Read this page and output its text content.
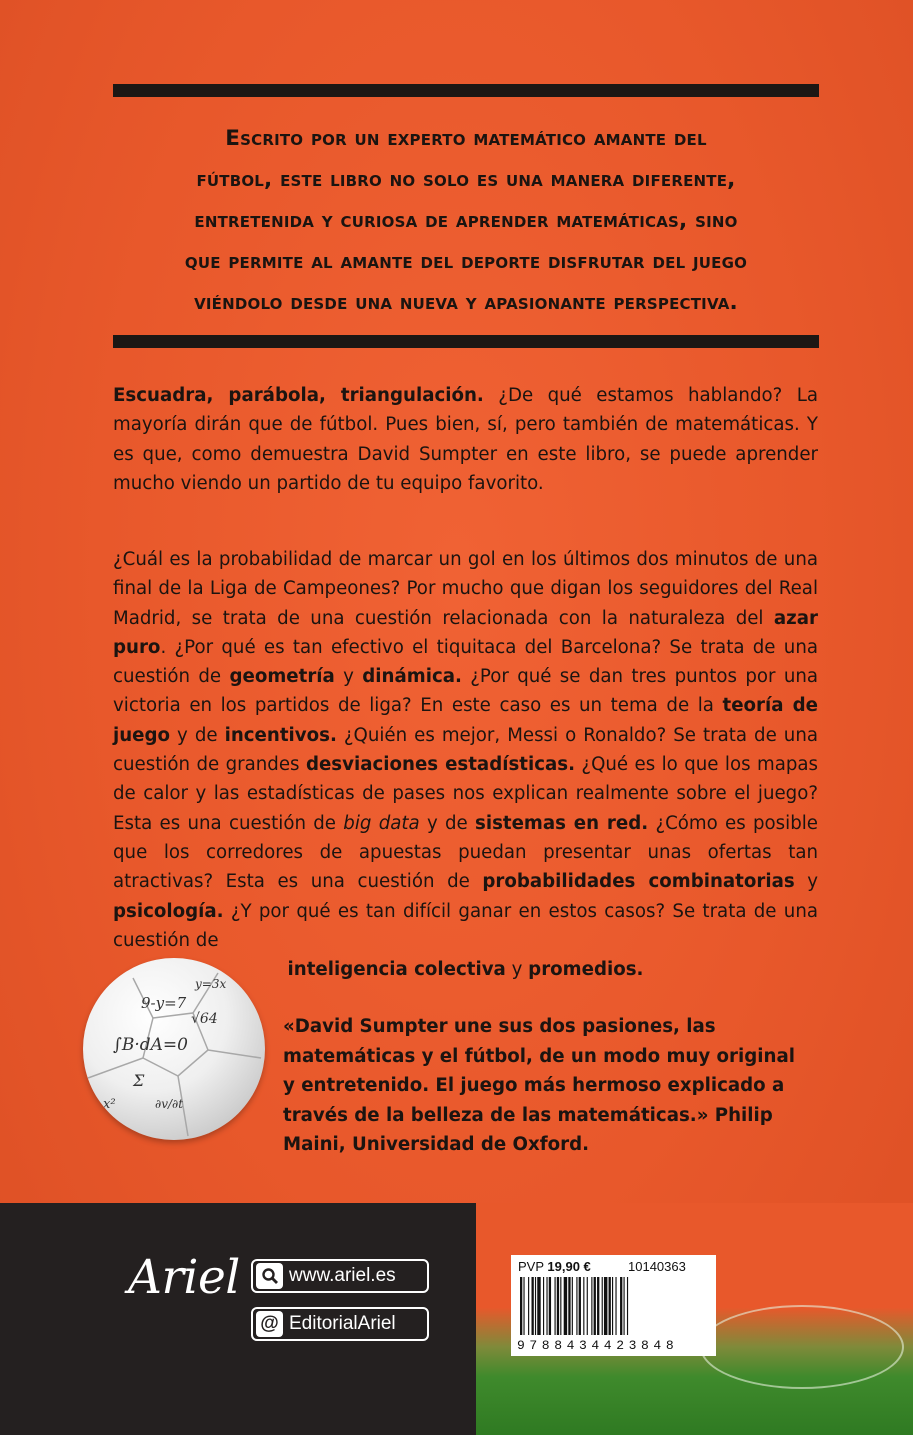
Escrito por un experto matemático amante del
fútbol, este libro no solo es una manera diferente,
entretenida y curiosa de aprender matemáticas, sino
que permite al amante del deporte disfrutar del juego
viéndolo desde una nueva y apasionante perspectiva.
Escuadra, parábola, triangulación. ¿De qué estamos hablando? La mayoría dirán que de fútbol. Pues bien, sí, pero también de matemáticas. Y es que, como demuestra David Sumpter en este libro, se puede aprender mucho viendo un partido de tu equipo favorito.
¿Cuál es la probabilidad de marcar un gol en los últimos dos minutos de una final de la Liga de Campeones? Por mucho que digan los seguidores del Real Madrid, se trata de una cuestión relacionada con la naturaleza del azar puro. ¿Por qué es tan efectivo el tiquitaca del Barcelona? Se trata de una cuestión de geometría y dinámica. ¿Por qué se dan tres puntos por una victoria en los partidos de liga? En este caso es un tema de la teoría de juego y de incentivos. ¿Quién es mejor, Messi o Ronaldo? Se trata de una cuestión de grandes desviaciones estadísticas. ¿Qué es lo que los mapas de calor y las estadísticas de pases nos explican realmente sobre el juego? Esta es una cuestión de big data y de sistemas en red. ¿Cómo es posible que los corredores de apuestas puedan presentar unas ofertas tan atractivas? Esta es una cuestión de probabilidades combinatorias y psicología. ¿Y por qué es tan difícil ganar en estos casos? Se trata de una cuestión de
inteligencia colectiva y promedios.
9-y=7
√64
∫B·dA=0
Σ
∂v/∂t
x²
y=3x
«David Sumpter une sus dos pasiones, las matemáticas y el fútbol, de un modo muy original y entretenido. El juego más hermoso explicado a través de la belleza de las matemáticas.» Philip Maini, Universidad de Oxford.
Ariel	www.ariel.es
@ EditorialAriel
PVP 19,90 €	10140363
9788434423848
